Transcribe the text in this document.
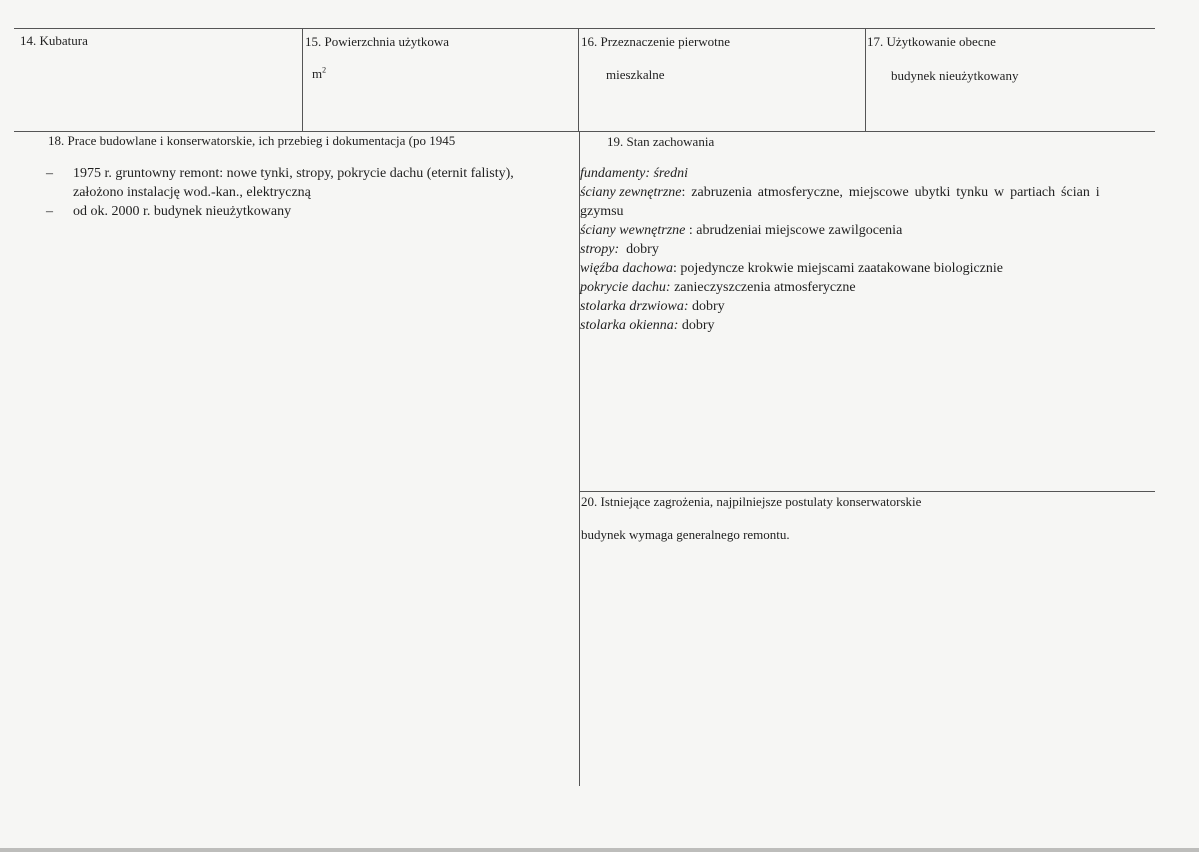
14. Kubatura	15. Powierzchnia użytkowa
$m^2$
16. Przeznaczenie pierwotne
mieszkalne
17. Użytkowanie obecne
budynek nieużytkowany
18. Prace budowlane i konserwatorskie, ich przebieg i dokumentacja (po 1945
– 1975 r. gruntowny remont: nowe tynki, stropy, pokrycie dachu (eternit falisty),
założono instalację wod.-kan., elektryczną
– od ok. 2000 r. budynek nieużytkowany
19. Stan zachowania
fundamenty: średni
ściany zewnętrzne: zabruzenia atmosferyczne, miejscowe ubytki tynku w partiach ścian i
gzymsu
ściany wewnętrzne : abrudzeniai miejscowe zawilgocenia
stropy:  dobry
więźba dachowa: pojedyncze krokwie miejscami zaatakowane biologicznie
pokrycie dachu: zanieczyszczenia atmosferyczne
stolarka drzwiowa: dobry
stolarka okienna: dobry
20. Istniejące zagrożenia, najpilniejsze postulaty konserwatorskie
budynek wymaga generalnego remontu.
